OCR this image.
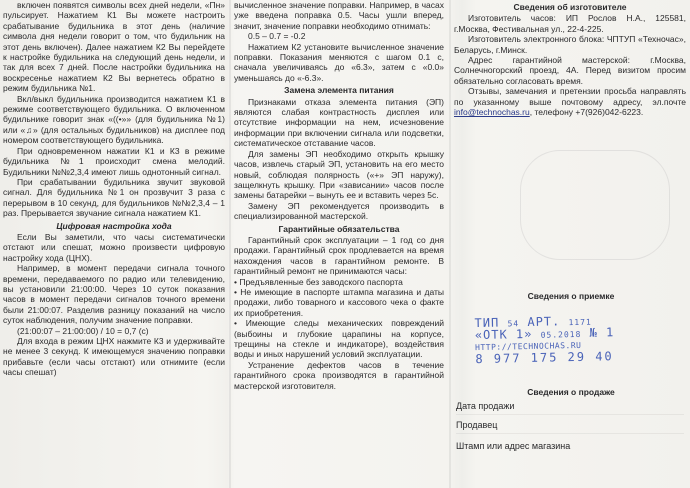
включен появятся символы всех дней недели, «Пн» пульсирует. Нажатием К1 Вы можете настроить срабатывание будильника в этот день (наличие символа дня недели говорит о том, что будильник на этот день включен). Далее нажатием К2 Вы перейдете к настройке будильника на следующий день недели, и так для всех 7 дней. После настройки будильника на воскресенье нажатием К2 Вы вернетесь обратно в режим будильника №1.

Вкл/выкл будильника производится нажатием К1 в режиме соответствующего будильника. О включенном будильнике говорит знак «((•»» (для будильника №1) или «♫» (для остальных будильников) на дисплее под номером соответствующего будильника.

При одновременном нажатии К1 и К3 в режиме будильника №1 происходит смена мелодий. Будильники №№2,3,4 имеют лишь однотонный сигнал.

При срабатывании будильника звучит звуковой сигнал. Для будильника №1 он прозвучит 3 раза с перерывом в 10 секунд, для будильников №№2,3,4 – 1 раз. Прерывается звучание сигнала нажатием К1.

Цифровая настройка хода

Если Вы заметили, что часы систематически отстают или спешат, можно произвести цифровую настройку хода (ЦНХ).

Например, в момент передачи сигнала точного времени, передаваемого по радио или телевидению, вы установили 21:00:00. Через 10 суток показания часов в момент передачи сигналов точного времени были 21:00:07. Разделив разницу показаний на число суток наблюдения, получим значение поправки.

(21:00:07 – 21:00:00) / 10 = 0,7 (с)

Для входа в режим ЦНХ нажмите К3 и удерживайте не менее 3 секунд. К имеющемуся значению поправки прибавьте (если часы отстают) или отнимите (если часы спешат)

вычисленное значение поправки. Например, в часах уже введена поправка 0.5. Часы ушли вперед, значит, значение поправки необходимо отнимать:

0.5 – 0.7 = -0.2

Нажатием К2 установите вычисленное значение поправки. Показания меняются с шагом 0.1 с, сначала увеличиваясь до «6.3», затем с «0.0» уменьшаясь до «-6.3».

Замена элемента питания

Признаками отказа элемента питания (ЭП) являются слабая контрастность дисплея или отсутствие информации на нем, исчезновение информации при включении сигнала или подсветки, систематическое отставание часов.

Для замены ЭП необходимо открыть крышку часов, извлечь старый ЭП, установить на его место новый, соблюдая полярность («+» ЭП наружу), защелкнуть крышку. При «зависании» часов после замены батарейки – вынуть ее и вставить через 5с.

Замену ЭП рекомендуется производить в специализированной мастерской.

Гарантийные обязательства

Гарантийный срок эксплуатации – 1 год со дня продажи. Гарантийный срок продлевается на время нахождения часов в гарантийном ремонте. В гарантийный ремонт не принимаются часы:

• Предъявленные без заводского паспорта

• Не имеющие в паспорте штампа магазина и даты продажи, либо товарного и кассового чека о факте их приобретения.

• Имеющие следы механических повреждений (выбоины и глубокие царапины на корпусе, трещины на стекле и индикаторе), воздействия воды и иных нарушений условий эксплуатации.

Устранение дефектов часов в течение гарантийного срока производятся в гарантийной мастерской изготовителя.

Сведения об изготовителе

Изготовитель часов: ИП Рослов Н.А., 125581, г.Москва, Фестивальная ул., 22-4-225.

Изготовитель электронного блока: ЧПТУП «Техночас», Беларусь, г.Минск.

Адрес гарантийной мастерской: г.Москва, Солнечногорский проезд, 4А. Перед визитом просим обязательно согласовать время.

Отзывы, замечания и претензии просьба направлять по указанному выше почтовому адресу, эл.почте info@technochas.ru, телефону +7(926)042-6223.

Сведения о приемке
ТИП 54 АРТ. 1171
«ОТК 1» 05.2018 № 1
HTTP://TECHNOCHAS.RU
8 977 175 29 40
Сведения о продаже
Дата продажи
Продавец
Штамп или адрес магазина
